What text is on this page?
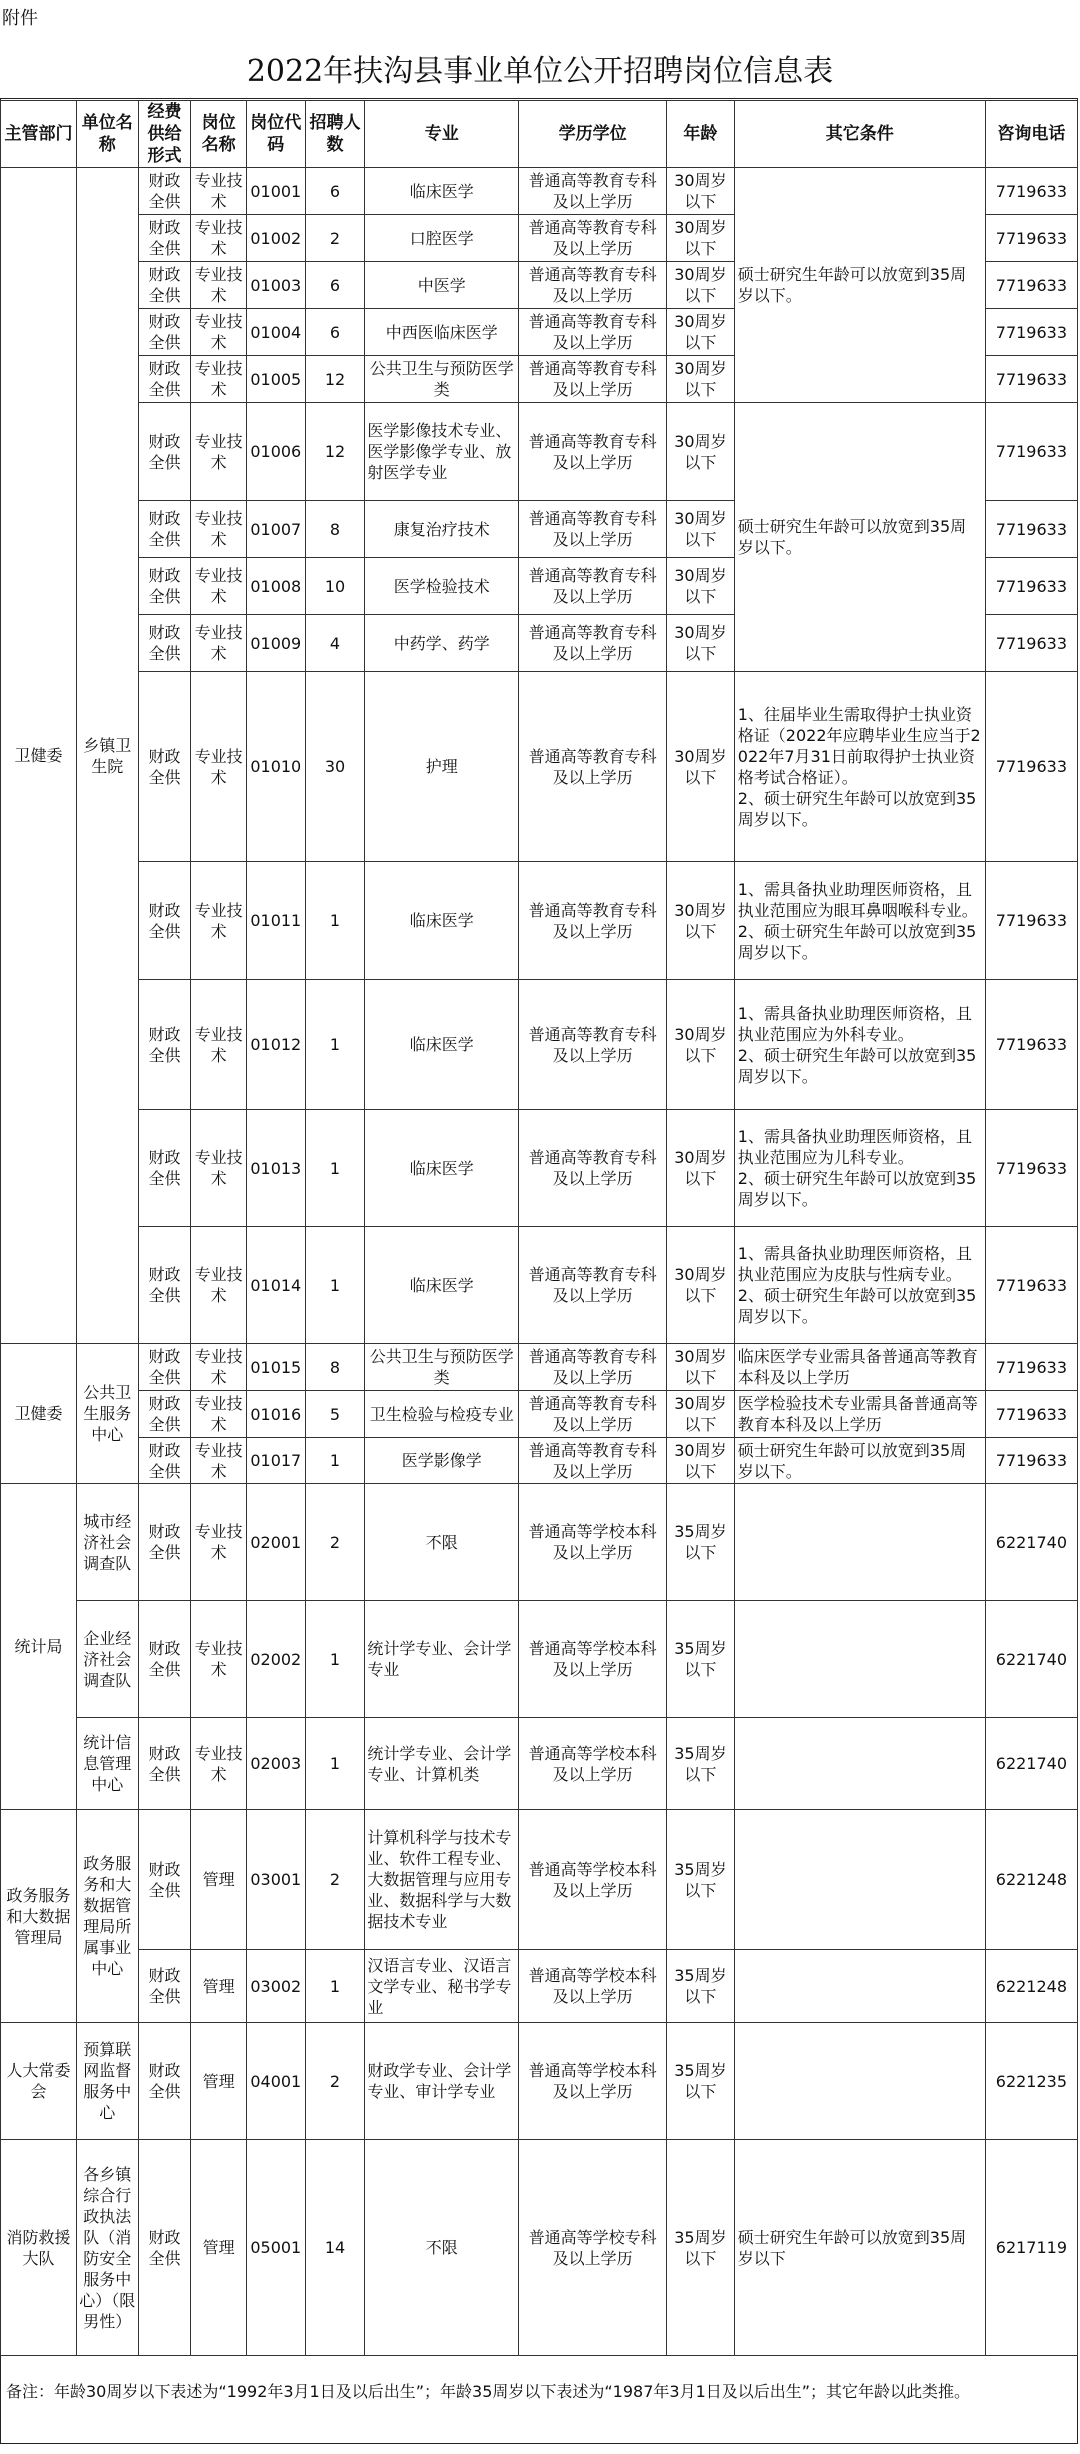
附件
2022年扶沟县事业单位公开招聘岗位信息表
主管部门	单位名称	经费供给形式	岗位名称	岗位代码	招聘人数	专业	学历学位	年龄	其它条件	咨询电话
卫健委	乡镇卫生院	财政全供	专业技术	01001	6	临床医学	普通高等教育专科及以上学历	30周岁以下	硕士研究生年龄可以放宽到35周岁以下。	7719633
		财政全供	专业技术	01002	2	口腔医学	普通高等教育专科及以上学历	30周岁以下		7719633
		财政全供	专业技术	01003	6	中医学	普通高等教育专科及以上学历	30周岁以下		7719633
		财政全供	专业技术	01004	6	中西医临床医学	普通高等教育专科及以上学历	30周岁以下		7719633
		财政全供	专业技术	01005	12	公共卫生与预防医学类	普通高等教育专科及以上学历	30周岁以下		7719633
		财政全供	专业技术	01006	12	医学影像技术专业、医学影像学专业、放射医学专业	普通高等教育专科及以上学历	30周岁以下	硕士研究生年龄可以放宽到35周岁以下。	7719633
		财政全供	专业技术	01007	8	康复治疗技术	普通高等教育专科及以上学历	30周岁以下		7719633
		财政全供	专业技术	01008	10	医学检验技术	普通高等教育专科及以上学历	30周岁以下		7719633
		财政全供	专业技术	01009	4	中药学、药学	普通高等教育专科及以上学历	30周岁以下		7719633
		财政全供	专业技术	01010	30	护理	普通高等教育专科及以上学历	30周岁以下	1、往届毕业生需取得护士执业资格证（2022年应聘毕业生应当于2022年7月31日前取得护士执业资格考试合格证）。
2、硕士研究生年龄可以放宽到35周岁以下。	7719633
		财政全供	专业技术	01011	1	临床医学	普通高等教育专科及以上学历	30周岁以下	1、需具备执业助理医师资格，且执业范围应为眼耳鼻咽喉科专业。
2、硕士研究生年龄可以放宽到35周岁以下。	7719633
		财政全供	专业技术	01012	1	临床医学	普通高等教育专科及以上学历	30周岁以下	1、需具备执业助理医师资格，且执业范围应为外科专业。
2、硕士研究生年龄可以放宽到35周岁以下。	7719633
		财政全供	专业技术	01013	1	临床医学	普通高等教育专科及以上学历	30周岁以下	1、需具备执业助理医师资格，且执业范围应为儿科专业。
2、硕士研究生年龄可以放宽到35周岁以下。	7719633
		财政全供	专业技术	01014	1	临床医学	普通高等教育专科及以上学历	30周岁以下	1、需具备执业助理医师资格，且执业范围应为皮肤与性病专业。
2、硕士研究生年龄可以放宽到35周岁以下。	7719633
卫健委	公共卫生服务中心	财政全供	专业技术	01015	8	公共卫生与预防医学类	普通高等教育专科及以上学历	30周岁以下	临床医学专业需具备普通高等教育本科及以上学历	7719633
		财政全供	专业技术	01016	5	卫生检验与检疫专业	普通高等教育专科及以上学历	30周岁以下	医学检验技术专业需具备普通高等教育本科及以上学历	7719633
		财政全供	专业技术	01017	1	医学影像学	普通高等教育专科及以上学历	30周岁以下	硕士研究生年龄可以放宽到35周岁以下。	7719633
统计局	城市经济社会调查队	财政全供	专业技术	02001	2	不限	普通高等学校本科及以上学历	35周岁以下		6221740
	企业经济社会调查队	财政全供	专业技术	02002	1	统计学专业、会计学专业	普通高等学校本科及以上学历	35周岁以下		6221740
	统计信息管理中心	财政全供	专业技术	02003	1	统计学专业、会计学专业、计算机类	普通高等学校本科及以上学历	35周岁以下		6221740
政务服务和大数据管理局	政务服务和大数据管理局所属事业中心	财政全供	管理	03001	2	计算机科学与技术专业、软件工程专业、大数据管理与应用专业、数据科学与大数据技术专业	普通高等学校本科及以上学历	35周岁以下		6221248
		财政全供	管理	03002	1	汉语言专业、汉语言文学专业、秘书学专业	普通高等学校本科及以上学历	35周岁以下		6221248
人大常委会	预算联网监督服务中心	财政全供	管理	04001	2	财政学专业、会计学专业、审计学专业	普通高等学校本科及以上学历	35周岁以下		6221235
消防救援大队	各乡镇综合行政执法队（消防安全服务中心）（限男性）	财政全供	管理	05001	14	不限	普通高等学校专科及以上学历	35周岁以下	硕士研究生年龄可以放宽到35周岁以下	6217119
备注：年龄30周岁以下表述为“1992年3月1日及以后出生”；年龄35周岁以下表述为“1987年3月1日及以后出生”；其它年龄以此类推。
